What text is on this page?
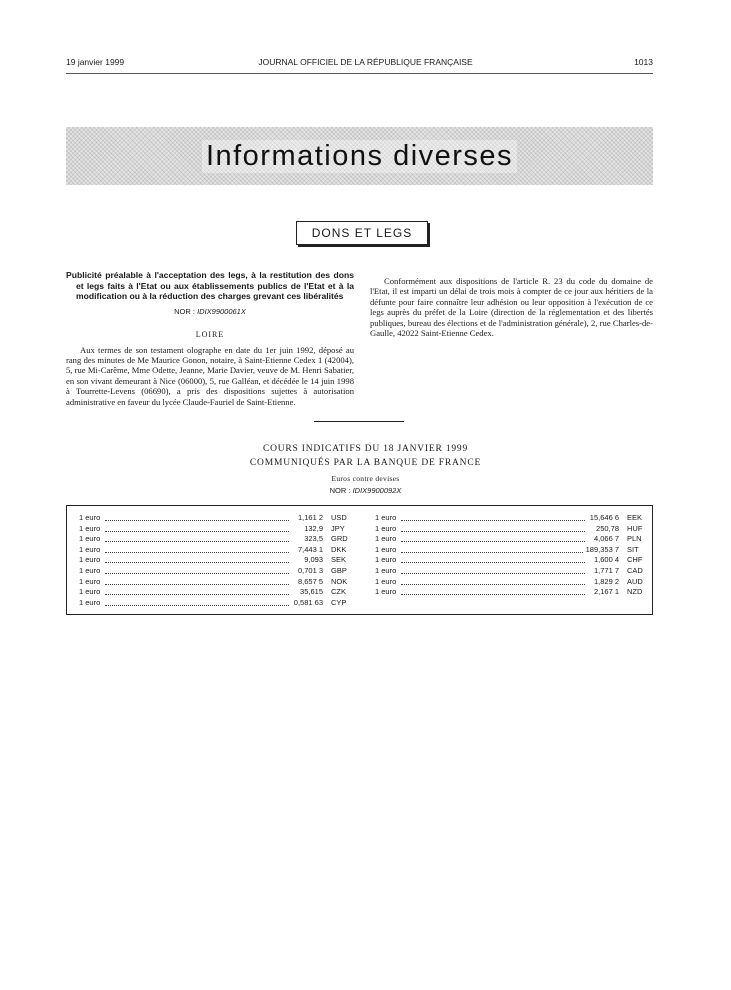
19 janvier 1999	JOURNAL OFFICIEL DE LA RÉPUBLIQUE FRANÇAISE	1013
Informations diverses
DONS ET LEGS

Publicité préalable à l'acceptation des legs, à la restitution des dons et legs faits à l'Etat ou aux établissements publics de l'Etat et à la modification ou à la réduction des charges grevant ces libéralités

NOR : IDIX9900061X
LOIRE

Aux termes de son testament olographe en date du 1er juin 1992, déposé au rang des minutes de Me Maurice Gonon, notaire, à Saint-Etienne Cedex 1 (42004), 5, rue Mi-Carême, Mme Odette, Jeanne, Marie Davier, veuve de M. Henri Sabatier, en son vivant demeurant à Nice (06000), 5, rue Galléan, et décédée le 14 juin 1998 à Tourrette-Levens (06690), a pris des dispositions sujettes à autorisation administrative en faveur du lycée Claude-Fauriel de Saint-Etienne.

Conformément aux dispositions de l'article R. 23 du code du domaine de l'Etat, il est imparti un délai de trois mois à compter de ce jour aux héritiers de la défunte pour faire connaître leur adhésion ou leur opposition à l'exécution de ce legs auprès du préfet de la Loire (direction de la réglementation et des libertés publiques, bureau des élections et de l'administration générale), 2, rue Charles-de-Gaulle, 42022 Saint-Etienne Cedex.

COURS INDICATIFS DU 18 JANVIER 1999
COMMUNIQUÉS PAR LA BANQUE DE FRANCE
Euros contre devises
NOR : IDIX9900092X
1 euro	1,161 2 USD
1 euro	132,9 JPY
1 euro	323,5 GRD
1 euro	7,443 1 DKK
1 euro	9,093 SEK
1 euro	0,701 3 GBP
1 euro	8,657 5 NOK
1 euro	35,615 CZK
1 euro	0,581 63 CYP
1 euro	15,646 6 EEK
1 euro	250,78 HUF
1 euro	4,066 7 PLN
1 euro	189,353 7 SIT
1 euro	1,600 4 CHF
1 euro	1,771 7 CAD
1 euro	1,829 2 AUD
1 euro	2,167 1 NZD
